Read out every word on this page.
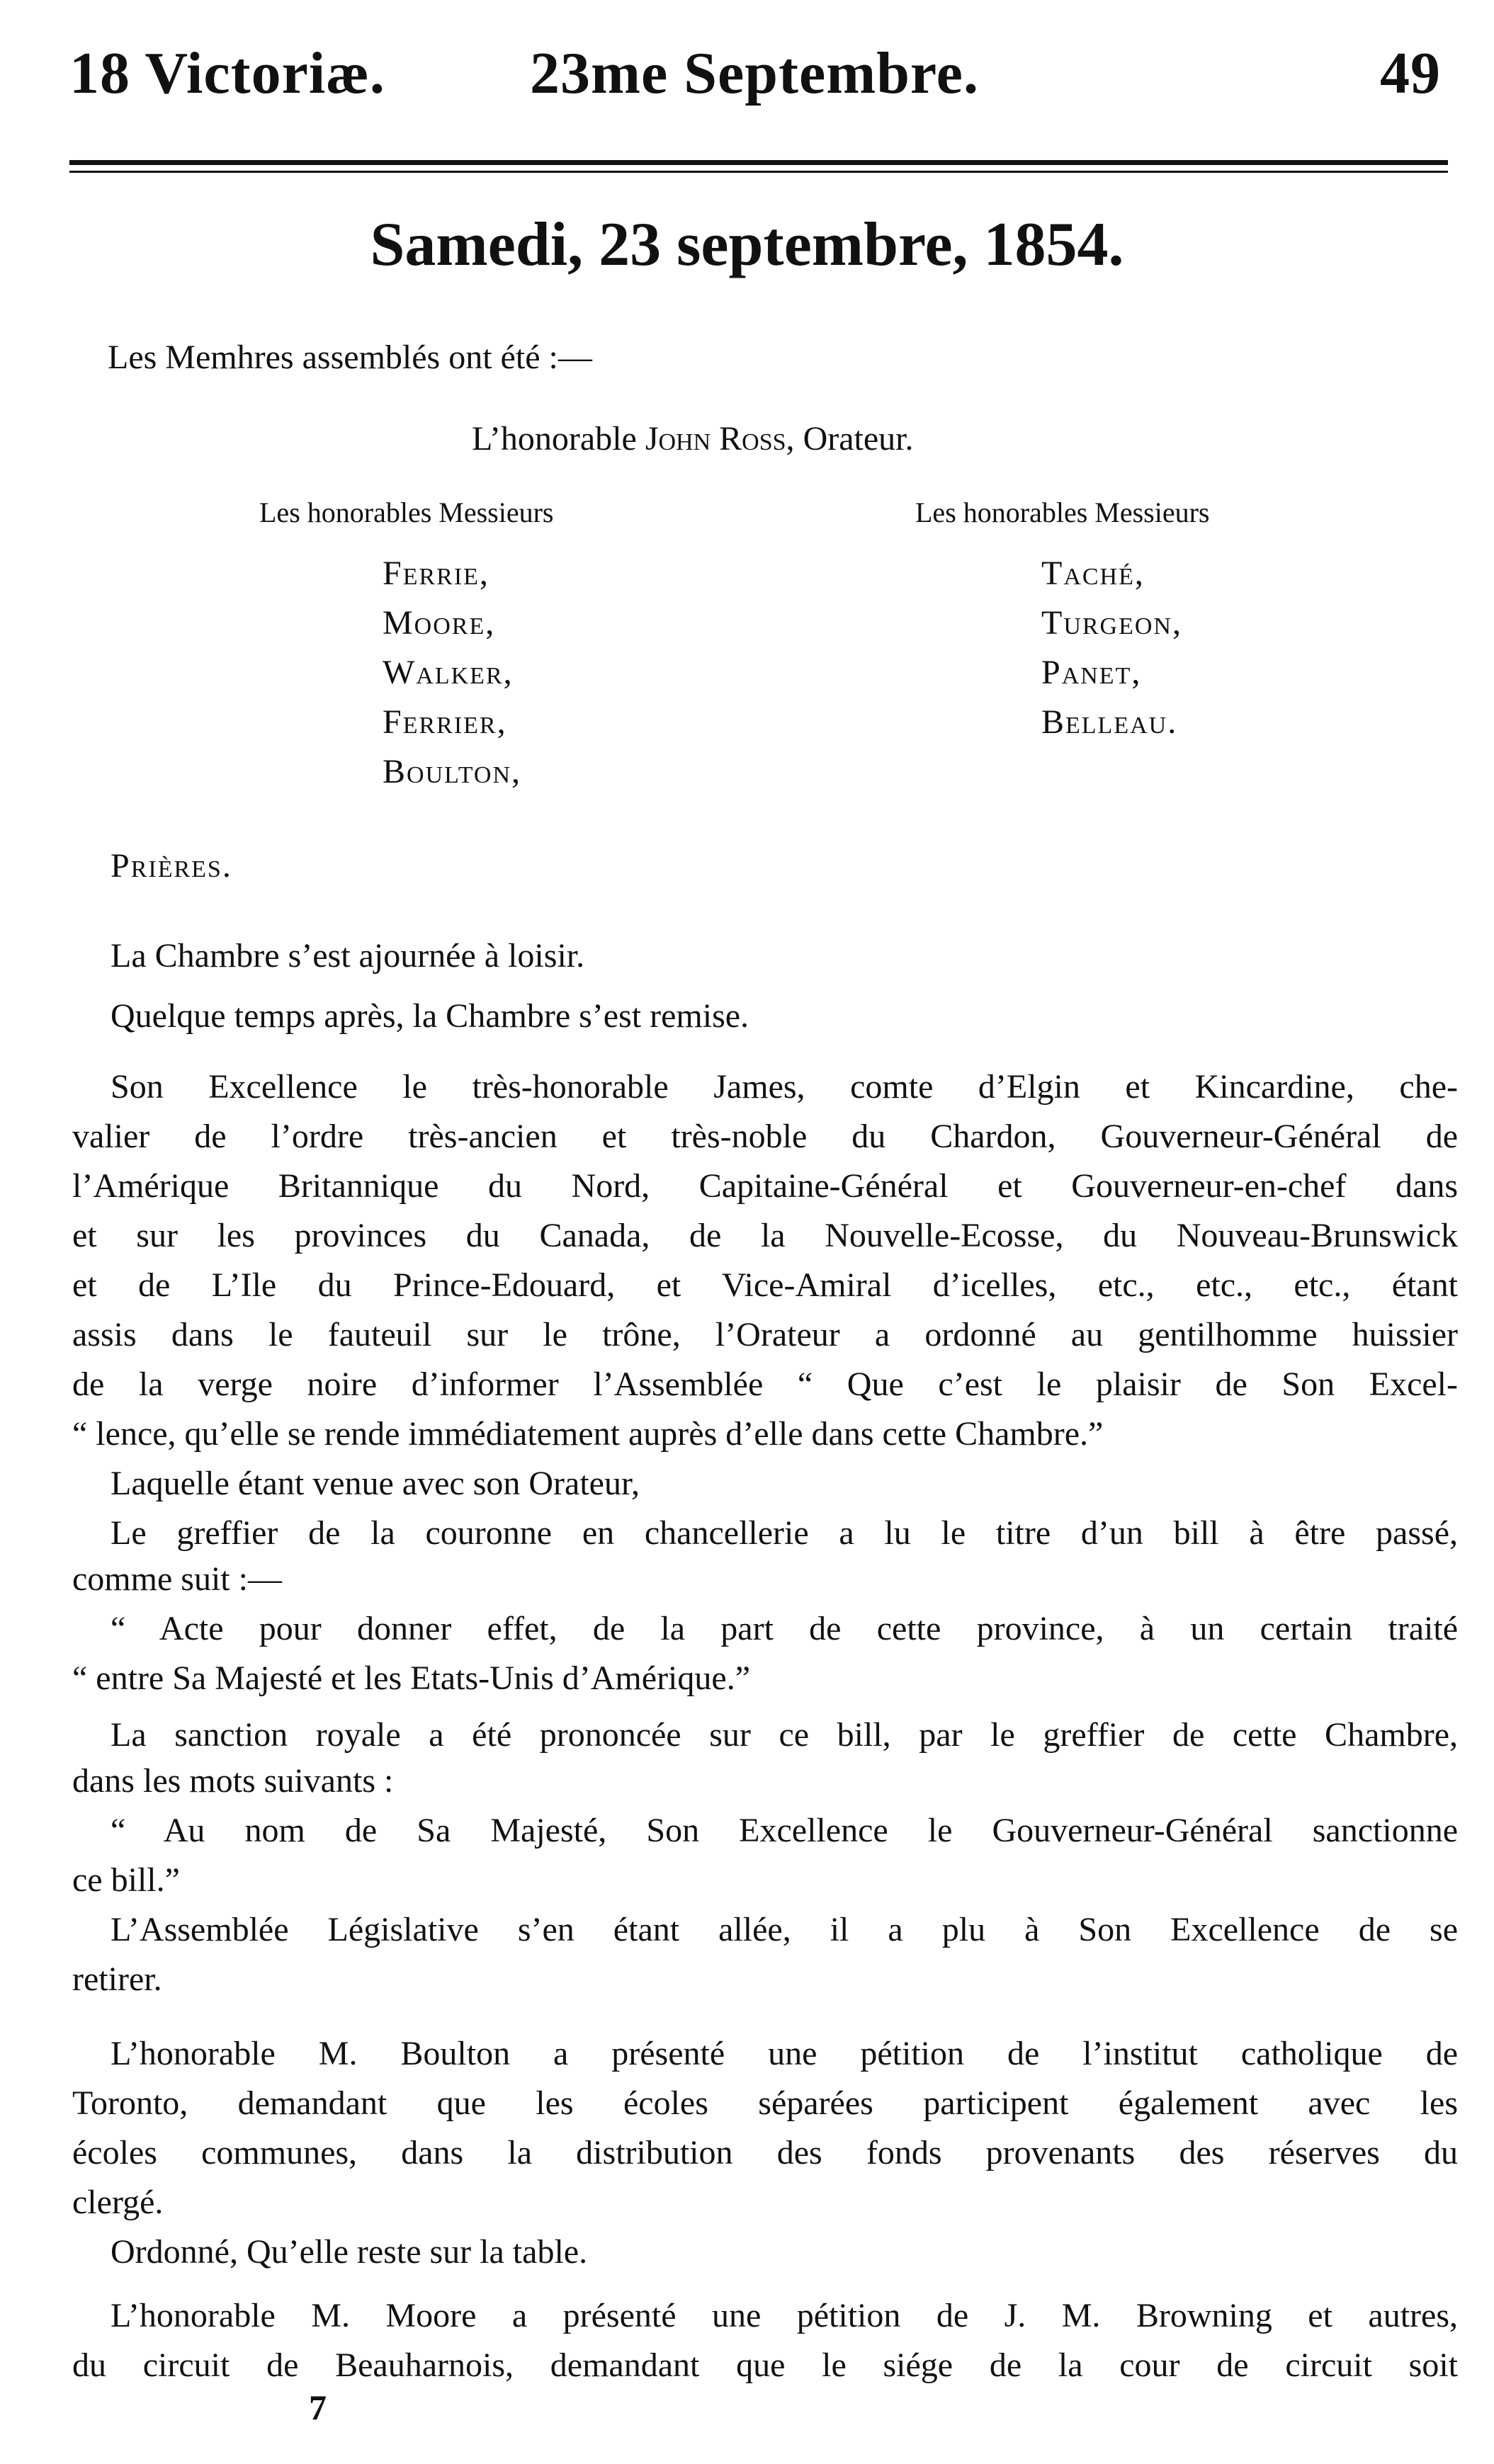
18 Victoriæ. 23me Septembre.	49
Samedi, 23 septembre, 1854.
Les Memhres assemblés ont été :—
L’honorable John Ross, Orateur.
Les honorables Messieurs	Les honorables Messieurs
Ferrie,
Moore,
Walker,
Ferrier,
Boulton,
Taché,
Turgeon,
Panet,
Belleau.
Prières.
La Chambre s’est ajournée à loisir.
Quelque temps après, la Chambre s’est remise.
Son Excellence le très-honorable James, comte d’Elgin et Kincardine, che-
valier de l’ordre très-ancien et très-noble du Chardon, Gouverneur-Général de
l’Amérique Britannique du Nord, Capitaine-Général et Gouverneur-en-chef dans
et sur les provinces du Canada, de la Nouvelle-Ecosse, du Nouveau-Brunswick
et de L’Ile du Prince-Edouard, et Vice-Amiral d’icelles, etc., etc., etc., étant
assis dans le fauteuil sur le trône, l’Orateur a ordonné au gentilhomme huissier
de la verge noire d’informer l’Assemblée “ Que c’est le plaisir de Son Excel-
“ lence, qu’elle se rende immédiatement auprès d’elle dans cette Chambre.”
Laquelle étant venue avec son Orateur,
Le greffier de la couronne en chancellerie a lu le titre d’un bill à être passé,
comme suit :—
“ Acte pour donner effet, de la part de cette province, à un certain traité
“ entre Sa Majesté et les Etats-Unis d’Amérique.”
La sanction royale a été prononcée sur ce bill, par le greffier de cette Chambre,
dans les mots suivants :
“ Au nom de Sa Majesté, Son Excellence le Gouverneur-Général sanctionne
ce bill.”
L’Assemblée Législative s’en étant allée, il a plu à Son Excellence de se
retirer.
L’honorable M. Boulton a présenté une pétition de l’institut catholique de
Toronto, demandant que les écoles séparées participent également avec les
écoles communes, dans la distribution des fonds provenants des réserves du
clergé.
Ordonné, Qu’elle reste sur la table.
L’honorable M. Moore a présenté une pétition de J. M. Browning et autres,
du circuit de Beauharnois, demandant que le siége de la cour de circuit soit
7
